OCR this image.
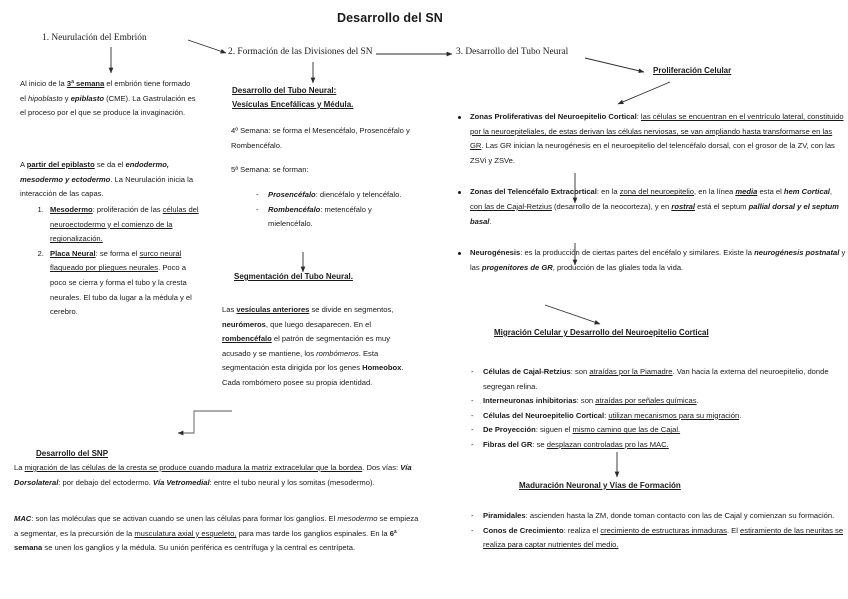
Desarrollo del SN
1. Neurulación del Embrión
2. Formación de las Divisiones del SN	3. Desarrollo del Tubo Neural
Al inicio de la 3ª semana el embrión tiene formado el hipoblasto y epiblasto (CME). La Gastrulación es el proceso por el que se produce la invaginación.
A partir del epiblasto se da el endodermo, mesodermo y ectodermo. La Neurulación inicia la interacción de las capas.
1. Mesodermo: proliferación de las células del neuroectodermo y el comienzo de la regionalización.
2. Placa Neural: se forma el surco neural flaqueado por pliegues neurales. Poco a poco se cierra y forma el tubo y la cresta neurales. El tubo da lugar a la médula y el cerebro.
Desarrollo del SNP
La migración de las células de la cresta se produce cuando madura la matriz extracelular que la bordea. Dos vías: Vía Dorsolateral: por debajo del ectodermo. Vía Vetromedial: entre el tubo neural y los somitas (mesodermo).
MAC: son las moléculas que se activan cuando se unen las células para formar los ganglios. El mesodermo se empieza a segmentar, es la precursión de la musculatura axial y esqueleto, para mas tarde los ganglios espinales. En la 6ª semana se unen los ganglios y la médula. Su unión periférica es centrífuga y la central es centrípeta.
Desarrollo del Tubo Neural:
Vesículas Encefálicas y Médula.
4º Semana: se forma el Mesencéfalo, Prosencéfalo y Rombencéfalo.
5ª Semana: se forman:
- Prosencéfalo: diencéfalo y telencéfalo.
- Rombencéfalo: metencéfalo y mielencéfalo.
Segmentación del Tubo Neural.
Las vesículas anteriores se divide en segmentos, neurómeros, que luego desaparecen. En el rombencéfalo el patrón de segmentación es muy acusado y se mantiene, los rombómeros. Esta segmentación esta dirigida por los genes Homeobox. Cada rombómero posee su propia identidad.
Proliferación Celular
Zonas Proliferativas del Neuroepitelio Cortical: las células se encuentran en el ventrículo lateral, constituido por la neuroepiteliales, de estas derivan las células nerviosas, se van ampliando hasta transformarse en las GR. Las GR inician la neurogénesis en el neuroepitelio del telencéfalo dorsal, con el grosor de la ZV, con las ZSVi y ZSVe.
Zonas del Telencéfalo Extracortical: en la zona del neuroepitelio, en la línea media esta el hem Cortical, con las de Cajal-Retzius (desarrollo de la neocorteza), y en rostral está el septum pallial dorsal y el septum basal.
Neurogénesis: es la producción de ciertas partes del encéfalo y similares. Existe la neurogénesis postnatal y las progenitores de GR, producción de las gliales toda la vida.
Migración Celular y Desarrollo del Neuroepitelio Cortical
- Células de Cajal-Retzius: son atraídas por la Piamadre. Van hacia la externa del neuroepitelio, donde segregan relina.
- Interneuronas inhibitorias: son atraídas por señales químicas.
- Células del Neuroepitelio Cortical: utilizan mecanismos para su migración.
- De Proyección: siguen el mismo camino que las de Cajal.
- Fibras del GR: se desplazan controladas pro las MAC.
Maduración Neuronal y Vías de Formación
- Piramidales: ascienden hasta la ZM, donde toman contacto con las de Cajal y comienzan su formación.
- Conos de Crecimiento: realiza el crecimiento de estructuras inmaduras. El estiramiento de las neuritas se realiza para captar nutrientes del medio.
